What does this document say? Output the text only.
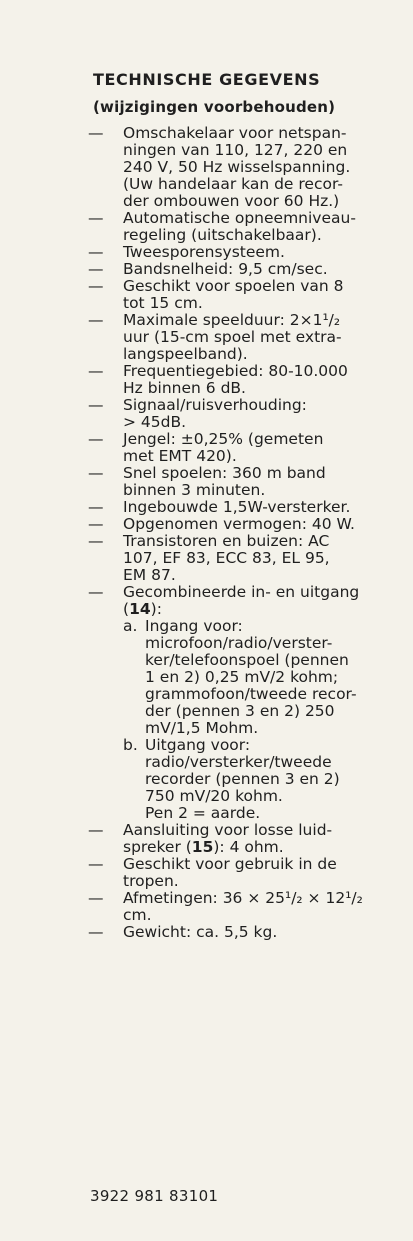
TECHNISCHE GEGEVENS
(wijzigingen voorbehouden)
—	Omschakelaar voor netspan-
ningen van 110, 127, 220 en
240 V, 50 Hz wisselspanning.
(Uw handelaar kan de recor-
der ombouwen voor 60 Hz.)
—	Automatische opneemniveau-
regeling (uitschakelbaar).
—	Tweesporensysteem.
—	Bandsnelheid: 9,5 cm/sec.
—	Geschikt voor spoelen van 8
tot 15 cm.
—	Maximale speelduur: 2×1¹/₂
uur (15-cm spoel met extra-
langspeelband).
—	Frequentiegebied: 80-10.000
Hz binnen 6 dB.
—	Signaal/ruisverhouding:
> 45dB.
—	Jengel: ±0,25% (gemeten
met EMT 420).
—	Snel spoelen: 360 m band
binnen 3 minuten.
—	Ingebouwde 1,5W-versterker.
—	Opgenomen vermogen: 40 W.
—	Transistoren en buizen: AC
107, EF 83, ECC 83, EL 95,
EM 87.
—	Gecombineerde in- en uitgang
(14):
a. Ingang voor:
microfoon/radio/verster-
ker/telefoonspoel (pennen
1 en 2) 0,25 mV/2 kohm;
grammofoon/tweede recor-
der (pennen 3 en 2) 250
mV/1,5 Mohm.
b. Uitgang voor:
radio/versterker/tweede
recorder (pennen 3 en 2)
750 mV/20 kohm.
Pen 2 = aarde.
—	Aansluiting voor losse luid-
spreker (15): 4 ohm.
—	Geschikt voor gebruik in de
tropen.
—	Afmetingen: 36 × 25¹/₂ × 12¹/₂
cm.
—	Gewicht: ca. 5,5 kg.
3922 981 83101
